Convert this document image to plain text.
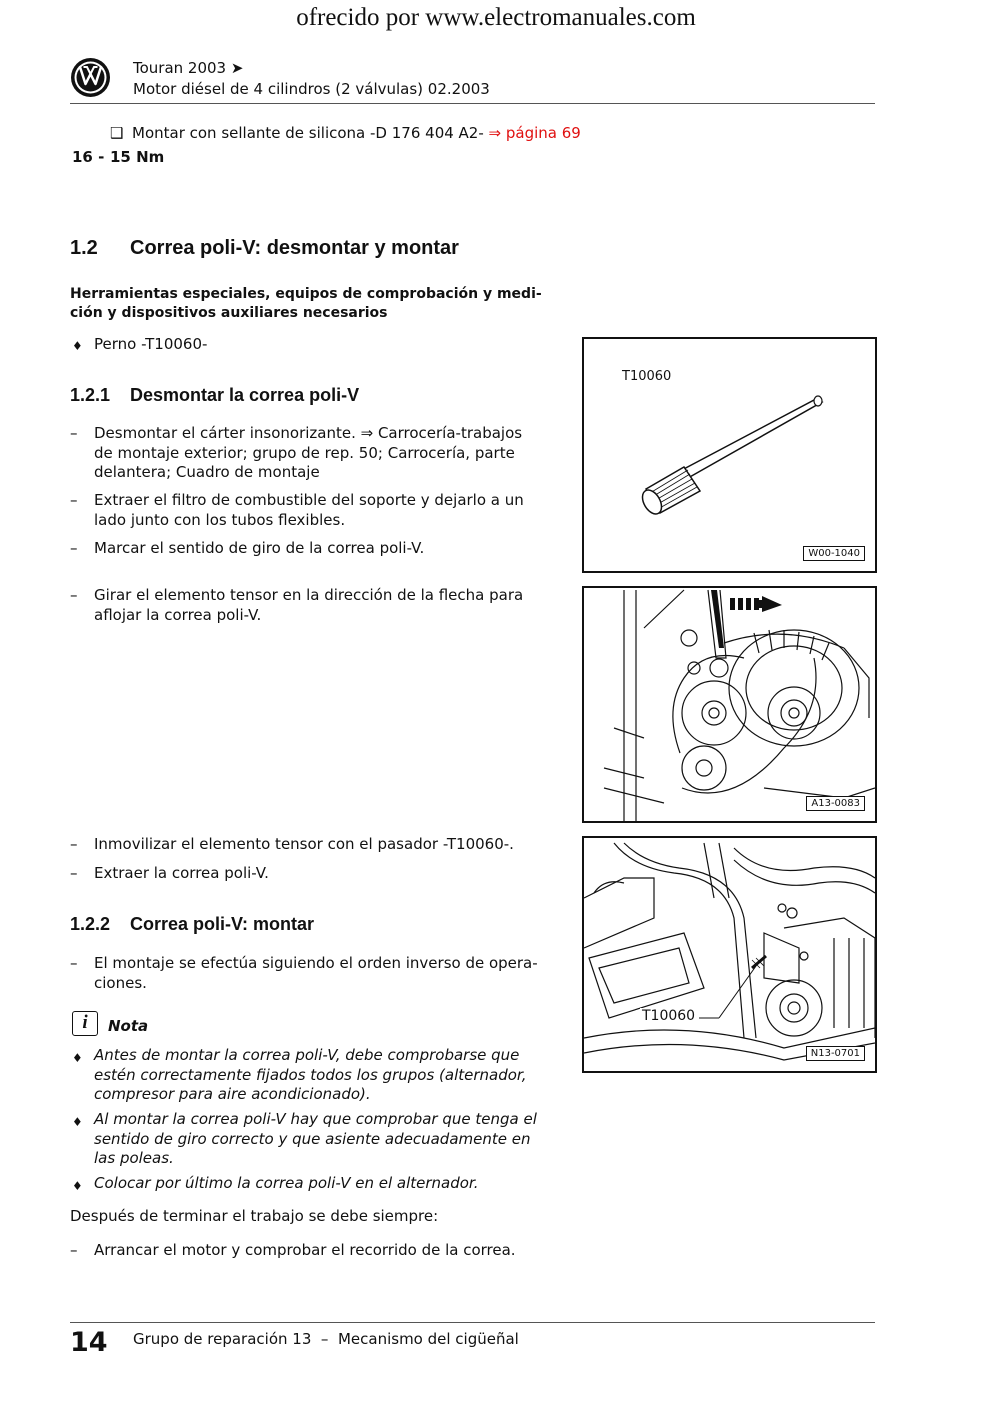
ofrecido por www.electromanuales.com
Touran 2003 ➤
Motor diésel de 4 cilindros (2 válvulas) 02.2003
❑ Montar con sellante de silicona -D 176 404 A2- ⇒ página 69
16 - 15 Nm
1.2 Correa poli-V: desmontar y montar
Herramientas especiales, equipos de comprobación y medi-
ción y dispositivos auxiliares necesarios
♦ Perno -T10060-
1.2.1 Desmontar la correa poli-V
–	Desmontar el cárter insonorizante. ⇒ Carrocería-trabajos
de montaje exterior; grupo de rep. 50; Carrocería, parte
delantera; Cuadro de montaje
–	Extraer el filtro de combustible del soporte y dejarlo a un
lado junto con los tubos flexibles.
–	Marcar el sentido de giro de la correa poli-V.
–	Girar el elemento tensor en la dirección de la flecha para
aflojar la correa poli-V.
–	Inmovilizar el elemento tensor con el pasador -T10060-.
–	Extraer la correa poli-V.
1.2.2 Correa poli-V: montar
–	El montaje se efectúa siguiendo el orden inverso de opera-
ciones.
i	Nota
♦ Antes de montar la correa poli-V, debe comprobarse que
estén correctamente fijados todos los grupos (alternador,
compresor para aire acondicionado).
♦ Al montar la correa poli-V hay que comprobar que tenga el
sentido de giro correcto y que asiente adecuadamente en
las poleas.
♦ Colocar por último la correa poli-V en el alternador.
Después de terminar el trabajo se debe siempre:
–	Arrancar el motor y comprobar el recorrido de la correa.
T10060
W00-1040
A13-0083
T10060
N13-0701
14 Grupo de reparación 13 – Mecanismo del cigüeñal
